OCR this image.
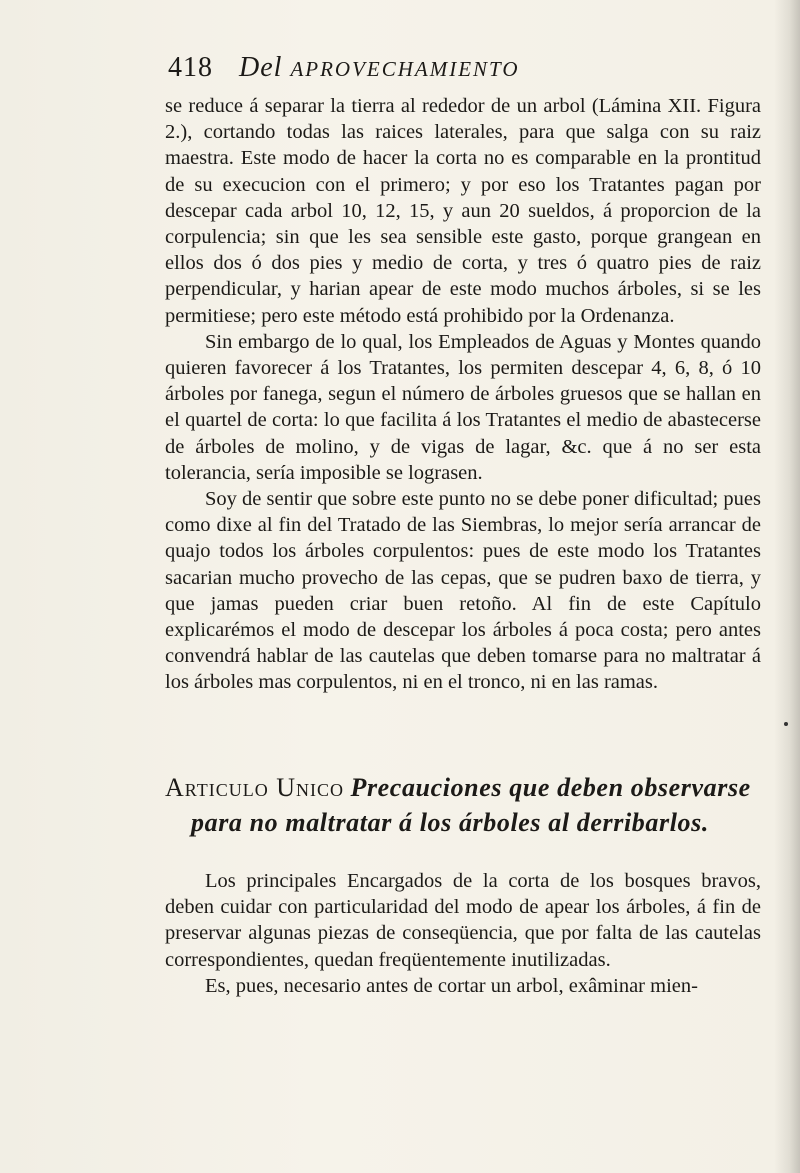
418 Del APROVECHAMIENTO

se reduce á separar la tierra al rededor de un arbol (Lámina XII. Figura 2.), cortando todas las raices laterales, para que salga con su raiz maestra. Este modo de hacer la corta no es comparable en la prontitud de su execucion con el primero; y por eso los Tratantes pagan por descepar cada arbol 10, 12, 15, y aun 20 sueldos, á proporcion de la corpulencia; sin que les sea sensible este gasto, porque grangean en ellos dos ó dos pies y medio de corta, y tres ó quatro pies de raiz perpendicular, y harian apear de este modo muchos árboles, si se les permitiese; pero este método está prohibido por la Ordenanza.

Sin embargo de lo qual, los Empleados de Aguas y Montes quando quieren favorecer á los Tratantes, los permiten descepar 4, 6, 8, ó 10 árboles por fanega, segun el número de árboles gruesos que se hallan en el quartel de corta: lo que facilita á los Tratantes el medio de abastecerse de árboles de molino, y de vigas de lagar, &c. que á no ser esta tolerancia, sería imposible se lograsen.

Soy de sentir que sobre este punto no se debe poner dificultad; pues como dixe al fin del Tratado de las Siembras, lo mejor sería arrancar de quajo todos los árboles corpulentos: pues de este modo los Tratantes sacarian mucho provecho de las cepas, que se pudren baxo de tierra, y que jamas pueden criar buen retoño. Al fin de este Capítulo explicarémos el modo de descepar los árboles á poca costa; pero antes convendrá hablar de las cautelas que deben tomarse para no maltratar á los árboles mas corpulentos, ni en el tronco, ni en las ramas.

Articulo Unico Precauciones que deben observarse
para no maltratar á los árboles al derribarlos.

Los principales Encargados de la corta de los bosques bravos, deben cuidar con particularidad del modo de apear los árboles, á fin de preservar algunas piezas de conseqüencia, que por falta de las cautelas correspondientes, quedan freqüentemente inutilizadas.

Es, pues, necesario antes de cortar un arbol, exâminar mien-
